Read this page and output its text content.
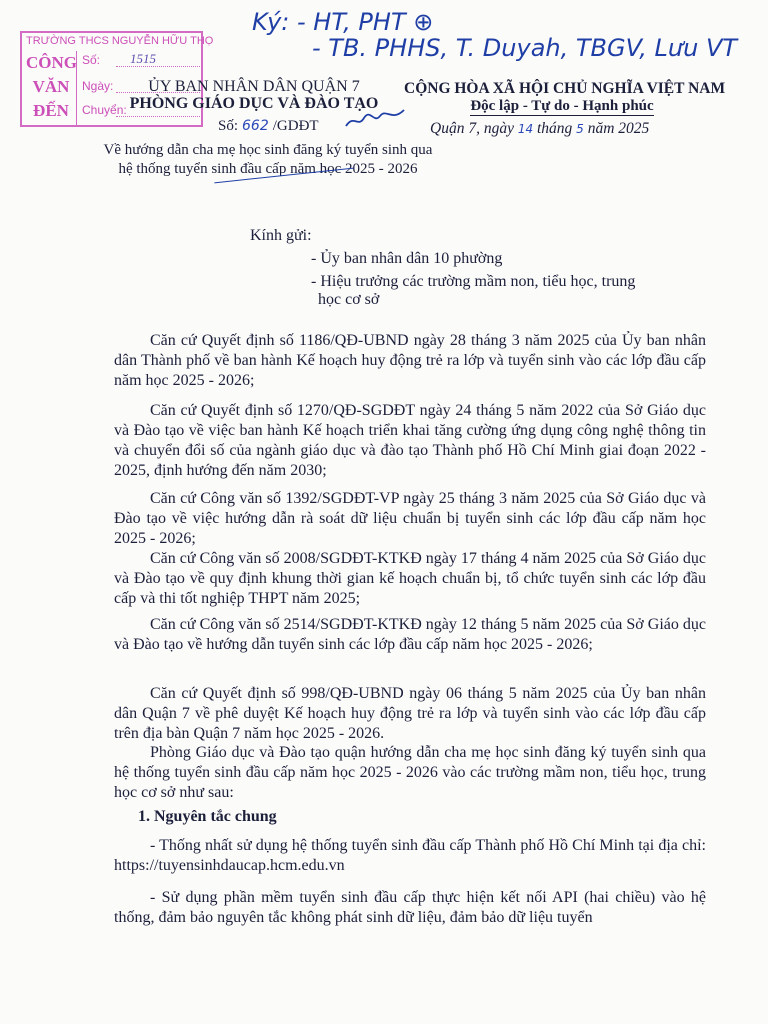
Ký: - HT, PHT ⊕
- TB. PHHS, T. Duyah, TBGV, Lưu VT
TRƯỜNG THCS NGUYỄN HỮU THỌ
CÔNG
VĂN
ĐẾN
Số: 1515
Ngày:
Chuyển:
ỦY BAN NHÂN DÂN QUẬN 7
PHÒNG GIÁO DỤC VÀ ĐÀO TẠO
Số: 662 /GDĐT
CỘNG HÒA XÃ HỘI CHỦ NGHĨA VIỆT NAM
Độc lập - Tự do - Hạnh phúc
Quận 7, ngày 14 tháng 5 năm 2025
Về hướng dẫn cha mẹ học sinh đăng ký tuyển sinh qua hệ thống tuyển sinh đầu cấp năm học 2025 - 2026
Kính gửi:
- Ủy ban nhân dân 10 phường
- Hiệu trưởng các trường mầm non, tiểu học, trung
học cơ sở

Căn cứ Quyết định số 1186/QĐ-UBND ngày 28 tháng 3 năm 2025 của Ủy ban nhân dân Thành phố về ban hành Kế hoạch huy động trẻ ra lớp và tuyển sinh vào các lớp đầu cấp năm học 2025 - 2026;

Căn cứ Quyết định số 1270/QĐ-SGDĐT ngày 24 tháng 5 năm 2022 của Sở Giáo dục và Đào tạo về việc ban hành Kế hoạch triển khai tăng cường ứng dụng công nghệ thông tin và chuyển đổi số của ngành giáo dục và đào tạo Thành phố Hồ Chí Minh giai đoạn 2022 - 2025, định hướng đến năm 2030;

Căn cứ Công văn số 1392/SGDĐT-VP ngày 25 tháng 3 năm 2025 của Sở Giáo dục và Đào tạo về việc hướng dẫn rà soát dữ liệu chuẩn bị tuyển sinh các lớp đầu cấp năm học 2025 - 2026;

Căn cứ Công văn số 2008/SGDĐT-KTKĐ ngày 17 tháng 4 năm 2025 của Sở Giáo dục và Đào tạo về quy định khung thời gian kế hoạch chuẩn bị, tổ chức tuyển sinh các lớp đầu cấp và thi tốt nghiệp THPT năm 2025;

Căn cứ Công văn số 2514/SGDĐT-KTKĐ ngày 12 tháng 5 năm 2025 của Sở Giáo dục và Đào tạo về hướng dẫn tuyển sinh các lớp đầu cấp năm học 2025 - 2026;

Căn cứ Quyết định số 998/QĐ-UBND ngày 06 tháng 5 năm 2025 của Ủy ban nhân dân Quận 7 về phê duyệt Kế hoạch huy động trẻ ra lớp và tuyển sinh vào các lớp đầu cấp trên địa bàn Quận 7 năm học 2025 - 2026.

Phòng Giáo dục và Đào tạo quận hướng dẫn cha mẹ học sinh đăng ký tuyển sinh qua hệ thống tuyển sinh đầu cấp năm học 2025 - 2026 vào các trường mầm non, tiểu học, trung học cơ sở như sau:

1. Nguyên tắc chung

- Thống nhất sử dụng hệ thống tuyển sinh đầu cấp Thành phố Hồ Chí Minh tại địa chỉ: https://tuyensinhdaucap.hcm.edu.vn

- Sử dụng phần mềm tuyển sinh đầu cấp thực hiện kết nối API (hai chiều) vào hệ thống, đảm bảo nguyên tắc không phát sinh dữ liệu, đảm bảo dữ liệu tuyển
